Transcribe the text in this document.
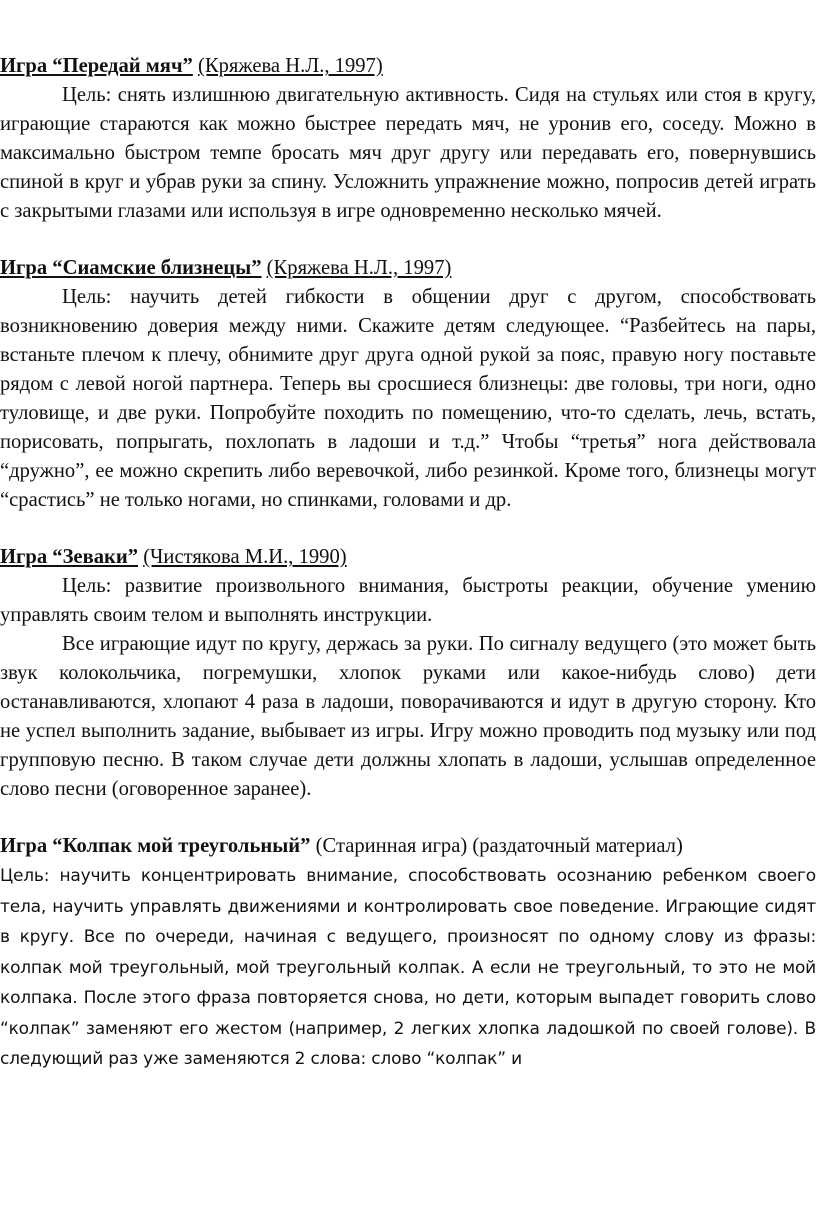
Игра “Передай мяч” (Кряжева Н.Л., 1997)

Цель: снять излишнюю двигательную активность. Сидя на стульях или стоя в кругу, играющие стараются как можно быстрее передать мяч, не уронив его, соседу. Можно в максимально быстром темпе бросать мяч друг другу или передавать его, повернувшись спиной в круг и убрав руки за спину. Усложнить упражнение можно, попросив детей играть с закрытыми глазами или используя в игре одновременно несколько мячей.

Игра “Сиамские близнецы” (Кряжева Н.Л., 1997)

Цель: научить детей гибкости в общении друг с другом, способствовать возникновению доверия между ними. Скажите детям следующее. “Разбейтесь на пары, встаньте плечом к плечу, обнимите друг друга одной рукой за пояс, правую ногу поставьте рядом с левой ногой партнера. Теперь вы сросшиеся близнецы: две головы, три ноги, одно туловище, и две руки. Попробуйте походить по помещению, что-то сделать, лечь, встать, порисовать, попрыгать, похлопать в ладоши и т.д.” Чтобы “третья” нога действовала “дружно”, ее можно скрепить либо веревочкой, либо резинкой. Кроме того, близнецы могут “срастись” не только ногами, но спинками, головами и др.

Игра “Зеваки” (Чистякова М.И., 1990)

Цель: развитие произвольного внимания, быстроты реакции, обучение умению управлять своим телом и выполнять инструкции.

Все играющие идут по кругу, держась за руки. По сигналу ведущего (это может быть звук колокольчика, погремушки, хлопок руками или какое-нибудь слово) дети останавливаются, хлопают 4 раза в ладоши, поворачиваются и идут в другую сторону. Кто не успел выполнить задание, выбывает из игры. Игру можно проводить под музыку или под групповую песню. В таком случае дети должны хлопать в ладоши, услышав определенное слово песни (оговоренное заранее).

Игра “Колпак мой треугольный” (Старинная игра) (раздаточный материал)

Цель: научить концентрировать внимание, способствовать осознанию ребенком своего тела, научить управлять движениями и контролировать свое поведение. Играющие сидят в кругу. Все по очереди, начиная с ведущего, произносят по одному слову из фразы: колпак мой треугольный, мой треугольный колпак. А если не треугольный, то это не мой колпака. После этого фраза повторяется снова, но дети, которым выпадет говорить слово “колпак” заменяют его жестом (например, 2 легких хлопка ладошкой по своей голове). В следующий раз уже заменяются 2 слова: слово “колпак” и
